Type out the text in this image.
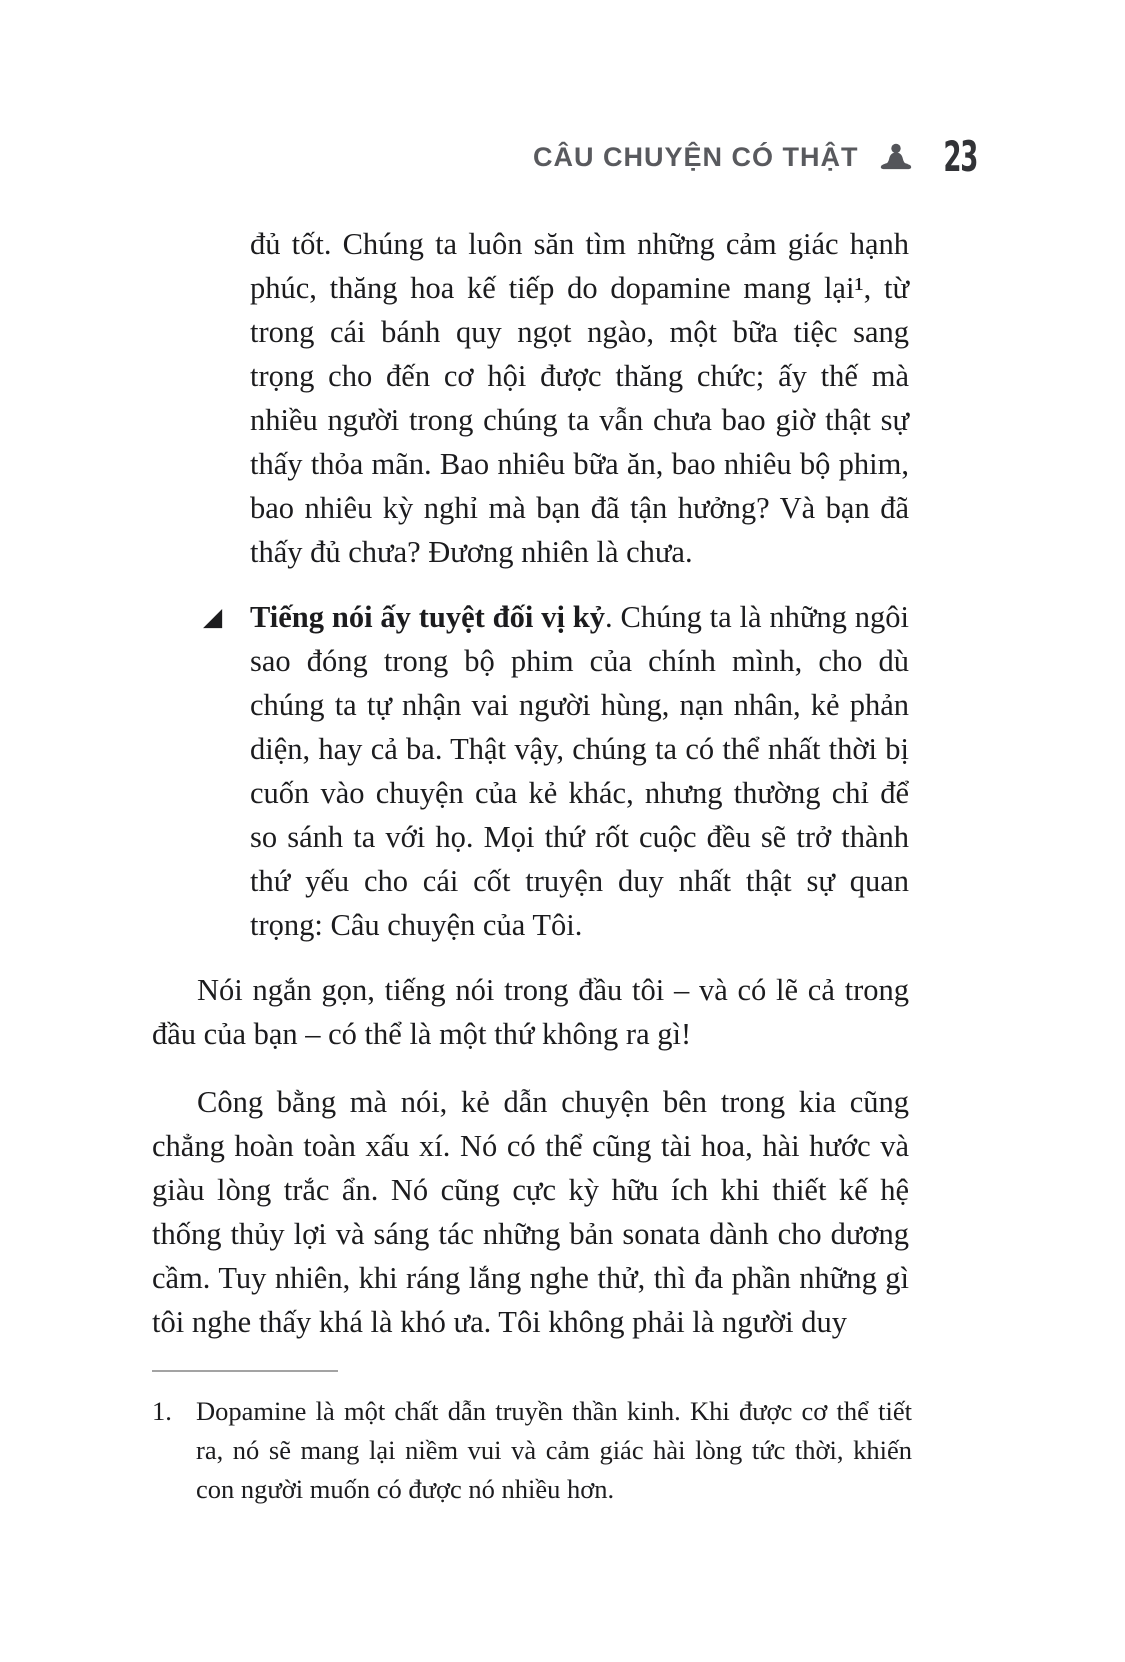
CÂU CHUYỆN CÓ THẬT 23

đủ tốt. Chúng ta luôn săn tìm những cảm giác hạnh phúc, thăng hoa kế tiếp do dopamine mang lại¹, từ trong cái bánh quy ngọt ngào, một bữa tiệc sang trọng cho đến cơ hội được thăng chức; ấy thế mà nhiều người trong chúng ta vẫn chưa bao giờ thật sự thấy thỏa mãn. Bao nhiêu bữa ăn, bao nhiêu bộ phim, bao nhiêu kỳ nghỉ mà bạn đã tận hưởng? Và bạn đã thấy đủ chưa? Đương nhiên là chưa.

◢ Tiếng nói ấy tuyệt đối vị kỷ. Chúng ta là những ngôi sao đóng trong bộ phim của chính mình, cho dù chúng ta tự nhận vai người hùng, nạn nhân, kẻ phản diện, hay cả ba. Thật vậy, chúng ta có thể nhất thời bị cuốn vào chuyện của kẻ khác, nhưng thường chỉ để so sánh ta với họ. Mọi thứ rốt cuộc đều sẽ trở thành thứ yếu cho cái cốt truyện duy nhất thật sự quan trọng: Câu chuyện của Tôi.

Nói ngắn gọn, tiếng nói trong đầu tôi – và có lẽ cả trong đầu của bạn – có thể là một thứ không ra gì!

Công bằng mà nói, kẻ dẫn chuyện bên trong kia cũng chẳng hoàn toàn xấu xí. Nó có thể cũng tài hoa, hài hước và giàu lòng trắc ẩn. Nó cũng cực kỳ hữu ích khi thiết kế hệ thống thủy lợi và sáng tác những bản sonata dành cho dương cầm. Tuy nhiên, khi ráng lắng nghe thử, thì đa phần những gì tôi nghe thấy khá là khó ưa. Tôi không phải là người duy

1. Dopamine là một chất dẫn truyền thần kinh. Khi được cơ thể tiết ra, nó sẽ mang lại niềm vui và cảm giác hài lòng tức thời, khiến con người muốn có được nó nhiều hơn.
